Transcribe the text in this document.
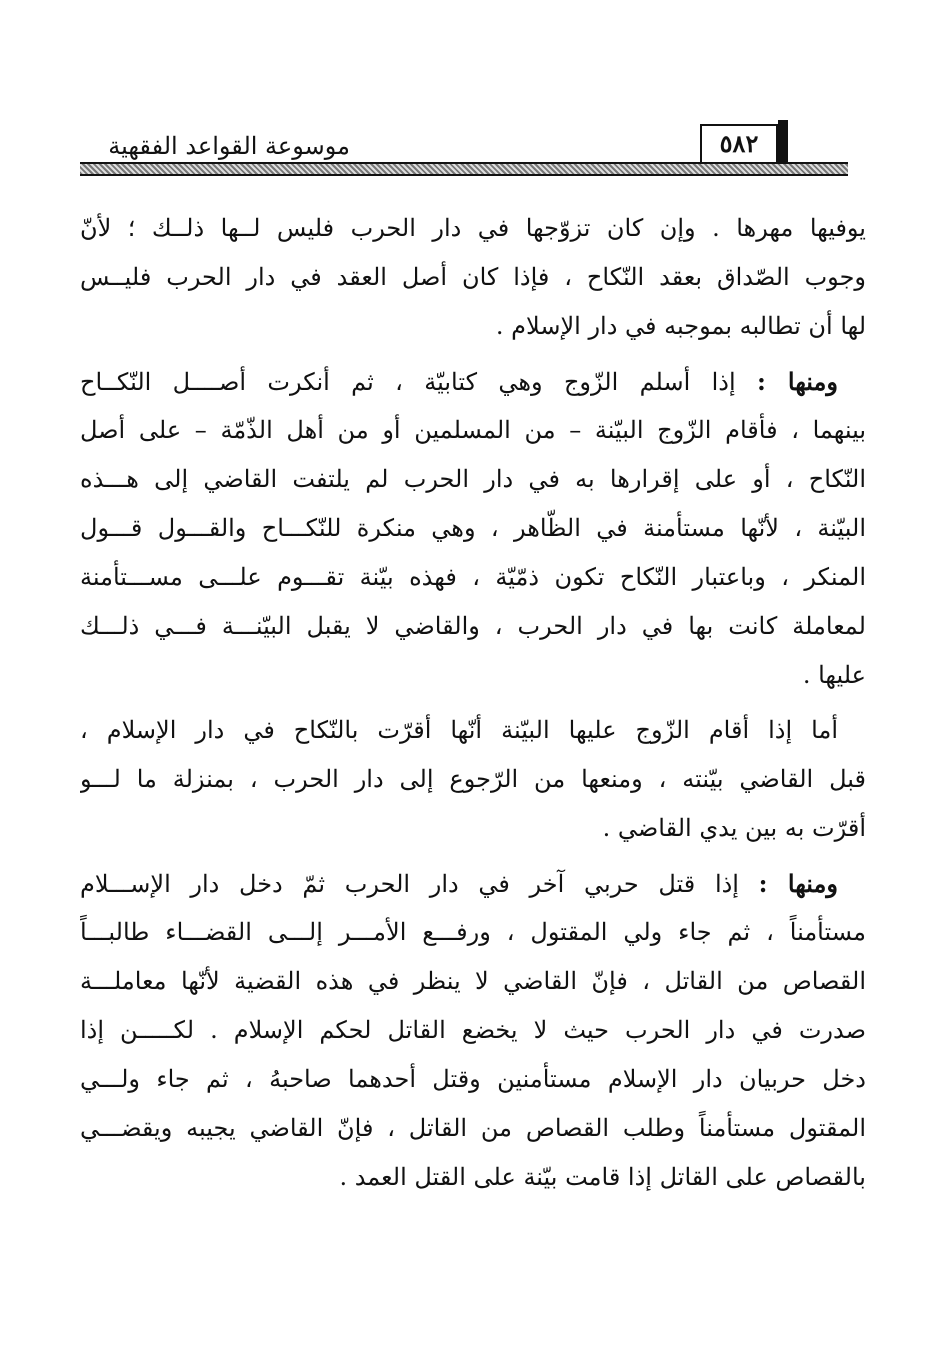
موسوعة القواعد الفقهية	٥٨٢
يوفيها مهرها . وإن كان تزوّجها في دار الحرب فليس لــها ذلــك ؛ لأنّ
وجوب الصّداق بعقد النّكاح ، فإذا كان أصل العقد في دار الحرب فليــس
لها أن تطالبه بموجبه في دار الإسلام .
ومنها : إذا أسلم الزّوج وهي كتابيّة ، ثم أنكرت أصــــل النّكــاح
بينهما ، فأقام الزّوج البيّنة – من المسلمين أو من أهل الذّمّة – على أصل
النّكاح ، أو على إقرارها به في دار الحرب لم يلتفت القاضي إلى هـــذه
البيّنة ، لأنّها مستأمنة في الظّاهر ، وهي منكرة للنّكـــاح والقـــول قـــول
المنكر ، وباعتبار النّكاح تكون ذمّيّة ، فهذه بيّنة تقـــوم علـــى مســـتأمنة
لمعاملة كانت بها في دار الحرب ، والقاضي لا يقبل البيّنـــة فـــي ذلـــك
عليها .
أما إذا أقام الزّوج عليها البيّنة أنّها أقرّت بالنّكاح في دار الإسلام ،
قبل القاضي بيّنته ، ومنعها من الرّجوع إلى دار الحرب ، بمنزلة ما لـــو
أقرّت به بين يدي القاضي .
ومنها : إذا قتل حربي آخر في دار الحرب ثمّ دخل دار الإســـلام
مستأمناً ، ثم جاء ولي المقتول ، ورفـــع الأمـــر إلـــى القضـــاء طالبـــاً
القصاص من القاتل ، فإنّ القاضي لا ينظر في هذه القضية لأنّها معاملـــة
صدرت في دار الحرب حيث لا يخضع القاتل لحكم الإسلام . لكـــــن إذا
دخل حربيان دار الإسلام مستأمنين وقتل أحدهما صاحبهُ ، ثم جاء ولـــي
المقتول مستأمناً وطلب القصاص من القاتل ، فإنّ القاضي يجيبه ويقضـــي
بالقصاص على القاتل إذا قامت بيّنة على القتل العمد .
